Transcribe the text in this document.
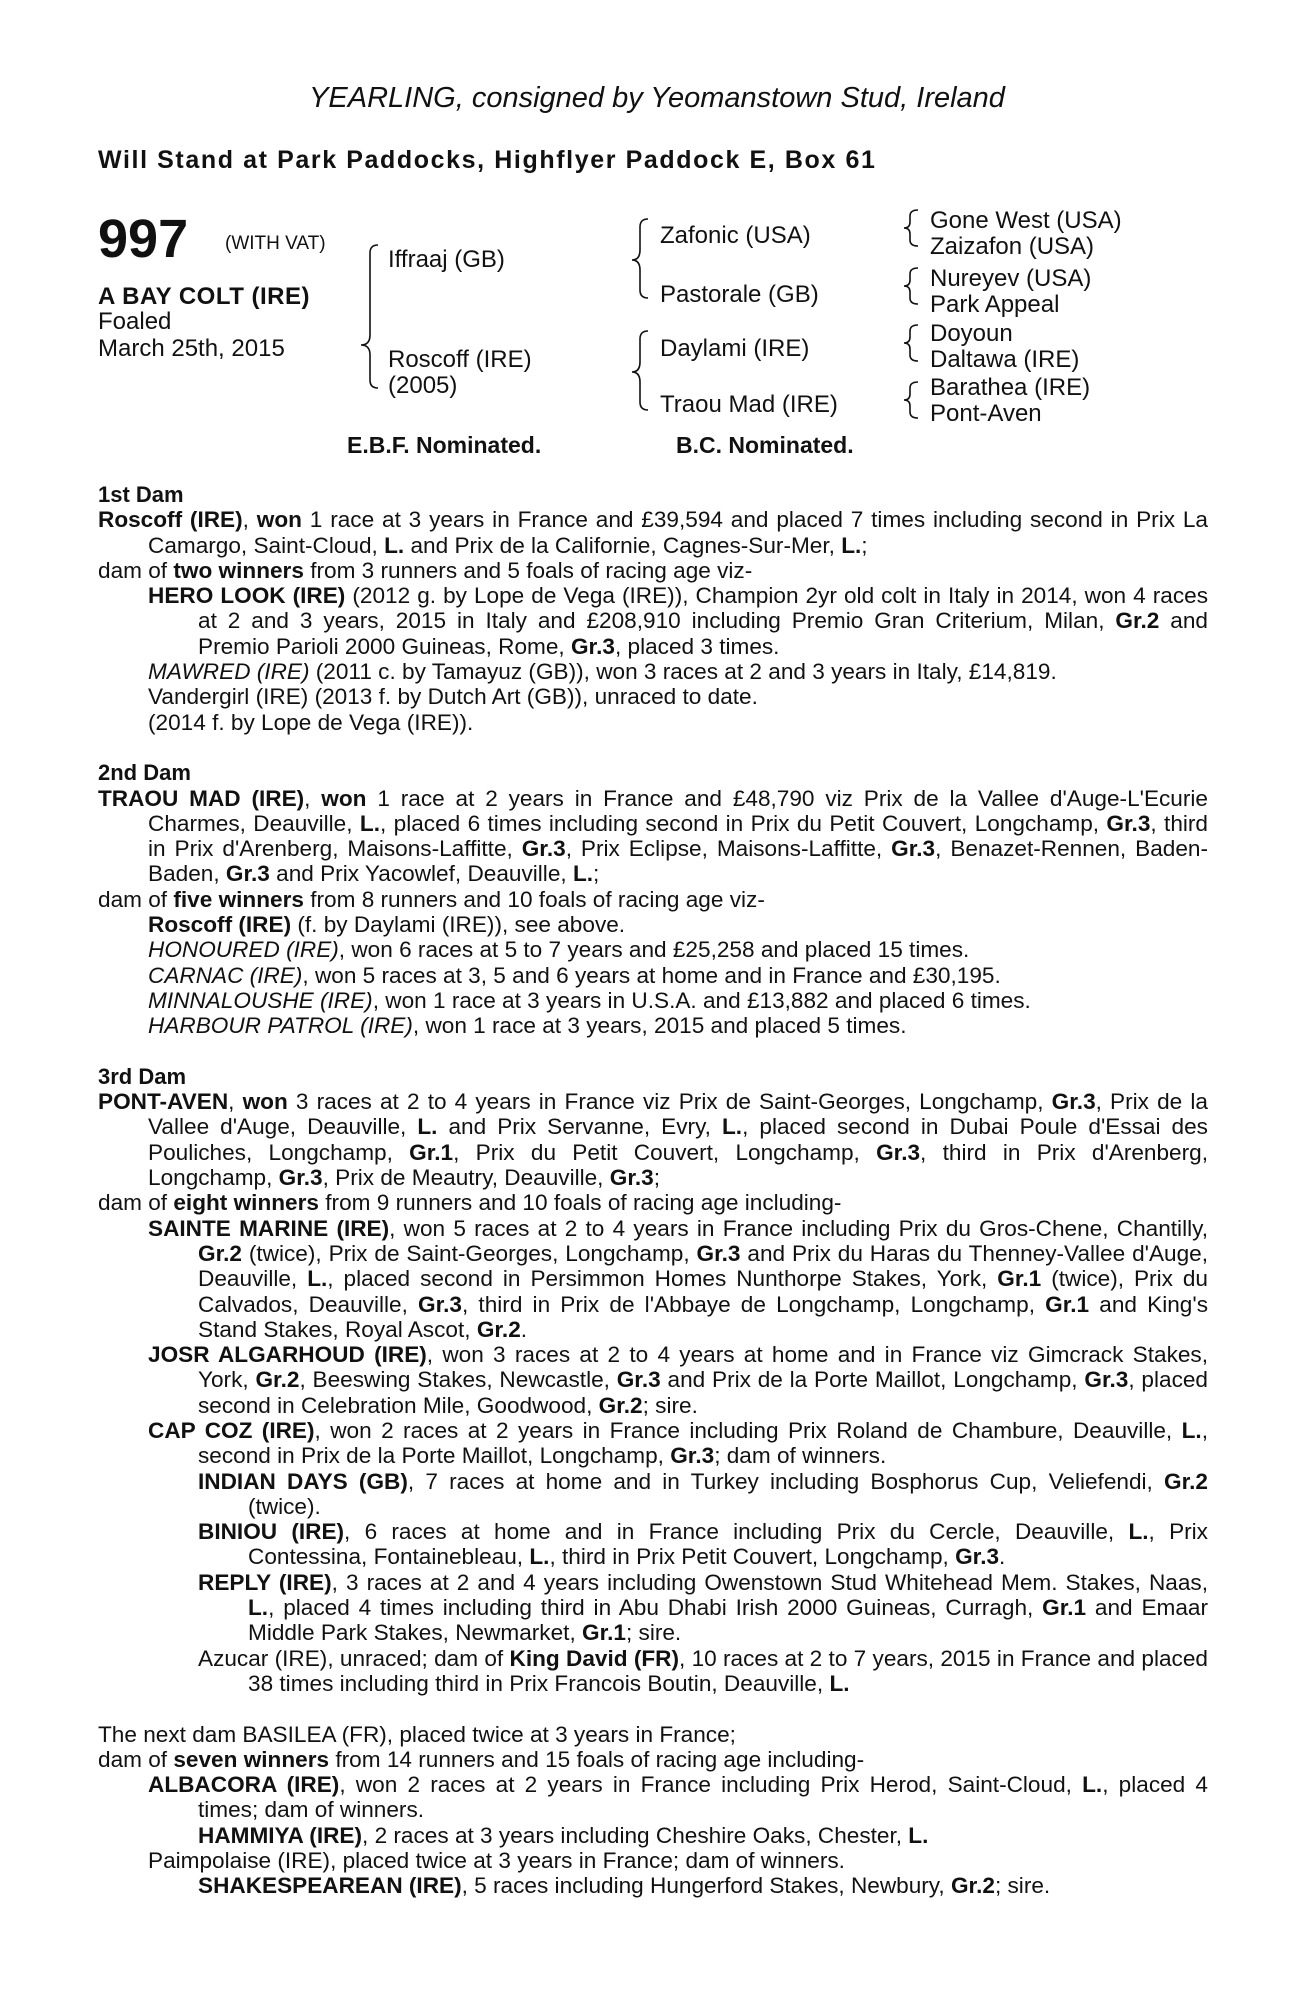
YEARLING, consigned by Yeomanstown Stud, Ireland
Will Stand at Park Paddocks, Highflyer Paddock E, Box 61
997 (WITH VAT)
A BAY COLT (IRE)
Foaled
March 25th, 2015
Iffraaj (GB)
Roscoff (IRE)
(2005)
Zafonic (USA)
Pastorale (GB)
Daylami (IRE)
Traou Mad (IRE)
Gone West (USA)
Zaizafon (USA)
Nureyev (USA)
Park Appeal
Doyoun
Daltawa (IRE)
Barathea (IRE)
Pont-Aven
E.B.F. Nominated.	B.C. Nominated.

1st Dam

Roscoff (IRE), won 1 race at 3 years in France and £39,594 and placed 7 times including second in Prix La Camargo, Saint-Cloud, L. and Prix de la Californie, Cagnes-Sur-Mer, L.;

dam of two winners from 3 runners and 5 foals of racing age viz-

HERO LOOK (IRE) (2012 g. by Lope de Vega (IRE)), Champion 2yr old colt in Italy in 2014, won 4 races at 2 and 3 years, 2015 in Italy and £208,910 including Premio Gran Criterium, Milan, Gr.2 and Premio Parioli 2000 Guineas, Rome, Gr.3, placed 3 times.

MAWRED (IRE) (2011 c. by Tamayuz (GB)), won 3 races at 2 and 3 years in Italy, £14,819.

Vandergirl (IRE) (2013 f. by Dutch Art (GB)), unraced to date.

(2014 f. by Lope de Vega (IRE)).

2nd Dam

TRAOU MAD (IRE), won 1 race at 2 years in France and £48,790 viz Prix de la Vallee d'Auge-L'Ecurie Charmes, Deauville, L., placed 6 times including second in Prix du Petit Couvert, Longchamp, Gr.3, third in Prix d'Arenberg, Maisons-Laffitte, Gr.3, Prix Eclipse, Maisons-Laffitte, Gr.3, Benazet-Rennen, Baden-Baden, Gr.3 and Prix Yacowlef, Deauville, L.;

dam of five winners from 8 runners and 10 foals of racing age viz-

Roscoff (IRE) (f. by Daylami (IRE)), see above.

HONOURED (IRE), won 6 races at 5 to 7 years and £25,258 and placed 15 times.

CARNAC (IRE), won 5 races at 3, 5 and 6 years at home and in France and £30,195.

MINNALOUSHE (IRE), won 1 race at 3 years in U.S.A. and £13,882 and placed 6 times.

HARBOUR PATROL (IRE), won 1 race at 3 years, 2015 and placed 5 times.

3rd Dam

PONT-AVEN, won 3 races at 2 to 4 years in France viz Prix de Saint-Georges, Longchamp, Gr.3, Prix de la Vallee d'Auge, Deauville, L. and Prix Servanne, Evry, L., placed second in Dubai Poule d'Essai des Pouliches, Longchamp, Gr.1, Prix du Petit Couvert, Longchamp, Gr.3, third in Prix d'Arenberg, Longchamp, Gr.3, Prix de Meautry, Deauville, Gr.3;

dam of eight winners from 9 runners and 10 foals of racing age including-

SAINTE MARINE (IRE), won 5 races at 2 to 4 years in France including Prix du Gros-Chene, Chantilly, Gr.2 (twice), Prix de Saint-Georges, Longchamp, Gr.3 and Prix du Haras du Thenney-Vallee d'Auge, Deauville, L., placed second in Persimmon Homes Nunthorpe Stakes, York, Gr.1 (twice), Prix du Calvados, Deauville, Gr.3, third in Prix de l'Abbaye de Longchamp, Longchamp, Gr.1 and King's Stand Stakes, Royal Ascot, Gr.2.

JOSR ALGARHOUD (IRE), won 3 races at 2 to 4 years at home and in France viz Gimcrack Stakes, York, Gr.2, Beeswing Stakes, Newcastle, Gr.3 and Prix de la Porte Maillot, Longchamp, Gr.3, placed second in Celebration Mile, Goodwood, Gr.2; sire.

CAP COZ (IRE), won 2 races at 2 years in France including Prix Roland de Chambure, Deauville, L., second in Prix de la Porte Maillot, Longchamp, Gr.3; dam of winners.

INDIAN DAYS (GB), 7 races at home and in Turkey including Bosphorus Cup, Veliefendi, Gr.2 (twice).

BINIOU (IRE), 6 races at home and in France including Prix du Cercle, Deauville, L., Prix Contessina, Fontainebleau, L., third in Prix Petit Couvert, Longchamp, Gr.3.

REPLY (IRE), 3 races at 2 and 4 years including Owenstown Stud Whitehead Mem. Stakes, Naas, L., placed 4 times including third in Abu Dhabi Irish 2000 Guineas, Curragh, Gr.1 and Emaar Middle Park Stakes, Newmarket, Gr.1; sire.

Azucar (IRE), unraced; dam of King David (FR), 10 races at 2 to 7 years, 2015 in France and placed 38 times including third in Prix Francois Boutin, Deauville, L.

The next dam BASILEA (FR), placed twice at 3 years in France;

dam of seven winners from 14 runners and 15 foals of racing age including-

ALBACORA (IRE), won 2 races at 2 years in France including Prix Herod, Saint-Cloud, L., placed 4 times; dam of winners.

HAMMIYA (IRE), 2 races at 3 years including Cheshire Oaks, Chester, L.

Paimpolaise (IRE), placed twice at 3 years in France; dam of winners.

SHAKESPEAREAN (IRE), 5 races including Hungerford Stakes, Newbury, Gr.2; sire.
